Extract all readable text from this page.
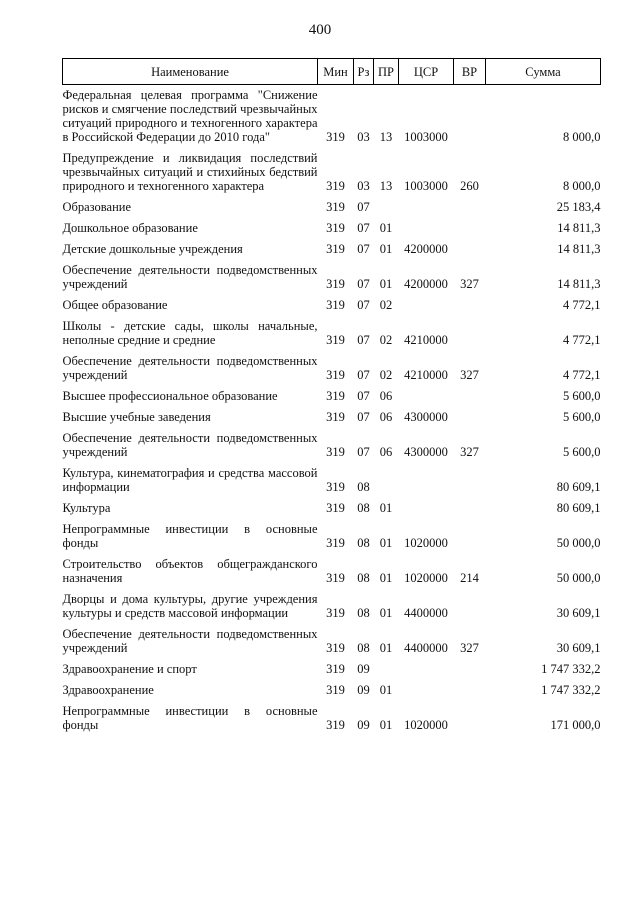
400
Наименование	Мин	Рз	ПР	ЦСР	ВР	Сумма
Федеральная целевая программа "Снижение рисков и смягчение последствий чрезвычайных ситуаций природного и техногенного характера в Российской Федерации до 2010 года"	319	03	13	1003000		8 000,0
Предупреждение и ликвидация последствий чрезвычайных ситуаций и стихийных бедствий природного и техногенного характера	319	03	13	1003000	260	8 000,0
Образование	319	07				25 183,4
Дошкольное образование	319	07	01			14 811,3
Детские дошкольные учреждения	319	07	01	4200000		14 811,3
Обеспечение деятельности подведомственных учреждений	319	07	01	4200000	327	14 811,3
Общее образование	319	07	02			4 772,1
Школы - детские сады, школы начальные, неполные средние и средние	319	07	02	4210000		4 772,1
Обеспечение деятельности подведомственных учреждений	319	07	02	4210000	327	4 772,1
Высшее профессиональное образование	319	07	06			5 600,0
Высшие учебные заведения	319	07	06	4300000		5 600,0
Обеспечение деятельности подведомственных учреждений	319	07	06	4300000	327	5 600,0
Культура, кинематография и средства массовой информации	319	08				80 609,1
Культура	319	08	01			80 609,1
Непрограммные инвестиции в основные фонды	319	08	01	1020000		50 000,0
Строительство объектов общегражданского назначения	319	08	01	1020000	214	50 000,0
Дворцы и дома культуры, другие учреждения культуры и средств массовой информации	319	08	01	4400000		30 609,1
Обеспечение деятельности подведомственных учреждений	319	08	01	4400000	327	30 609,1
Здравоохранение и спорт	319	09				1 747 332,2
Здравоохранение	319	09	01			1 747 332,2
Непрограммные инвестиции в основные фонды	319	09	01	1020000		171 000,0
